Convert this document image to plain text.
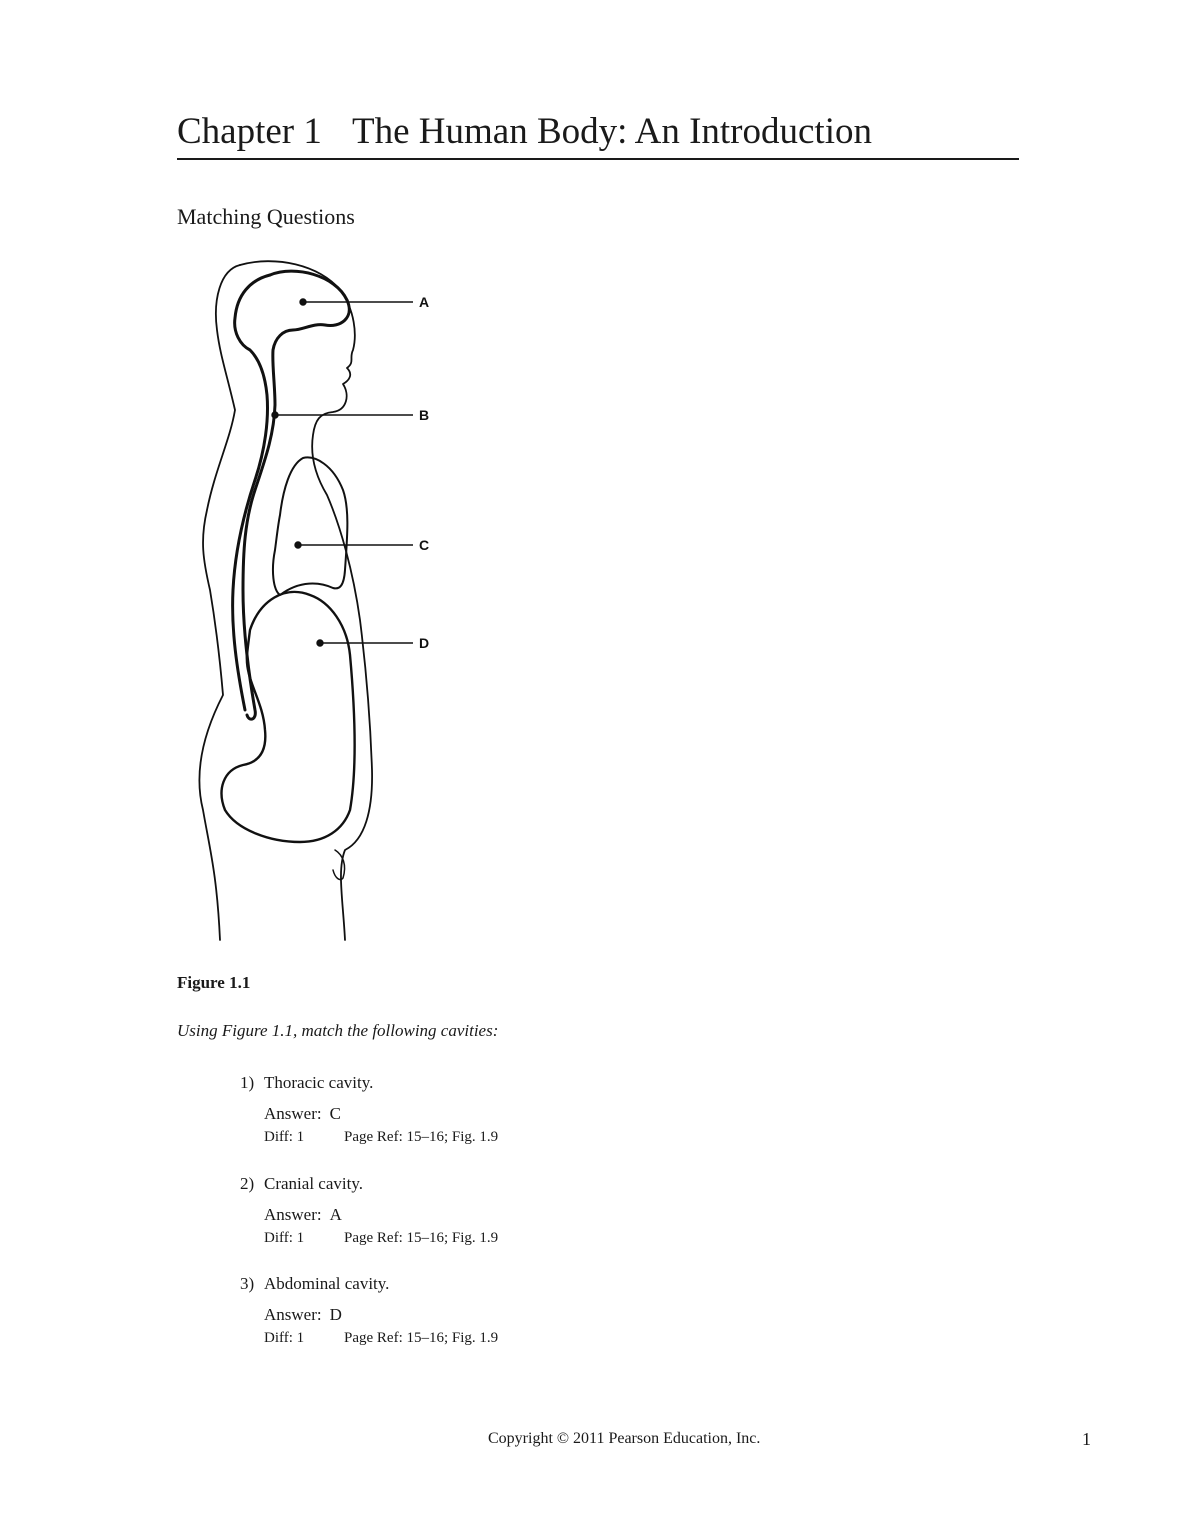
Chapter 1 The Human Body: An Introduction
Matching Questions
A
B
C
D
Figure 1.1
Using Figure 1.1, match the following cavities:
1) Thoracic cavity.
Answer: C
Diff: 1	Page Ref: 15–16; Fig. 1.9
2) Cranial cavity.
Answer: A
Diff: 1	Page Ref: 15–16; Fig. 1.9
3) Abdominal cavity.
Answer: D
Diff: 1	Page Ref: 15–16; Fig. 1.9
Copyright © 2011 Pearson Education, Inc.	1
